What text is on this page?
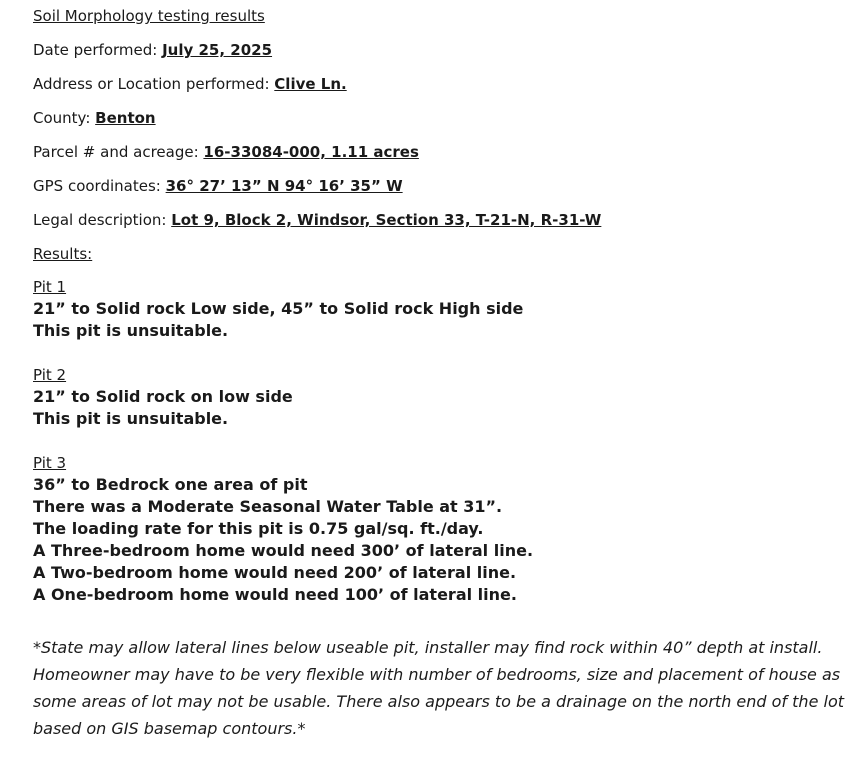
Soil Morphology testing results

Date performed: July 25, 2025

Address or Location performed: Clive Ln.

County: Benton

Parcel # and acreage: 16-33084-000, 1.11 acres

GPS coordinates: 36° 27’ 13” N 94° 16’ 35” W

Legal description: Lot 9, Block 2, Windsor, Section 33, T-21-N, R-31-W

Results:

Pit 1
21” to Solid rock Low side, 45” to Solid rock High side
This pit is unsuitable.
Pit 2
21” to Solid rock on low side
This pit is unsuitable.
Pit 3
36” to Bedrock one area of pit
There was a Moderate Seasonal Water Table at 31”.
The loading rate for this pit is 0.75 gal/sq. ft./day.
A Three-bedroom home would need 300’ of lateral line.
A Two-bedroom home would need 200’ of lateral line.
A One-bedroom home would need 100’ of lateral line.
*State may allow lateral lines below useable pit, installer may find rock within 40” depth at install.
Homeowner may have to be very flexible with number of bedrooms, size and placement of house as
some areas of lot may not be usable. There also appears to be a drainage on the north end of the lot
based on GIS basemap contours.*
